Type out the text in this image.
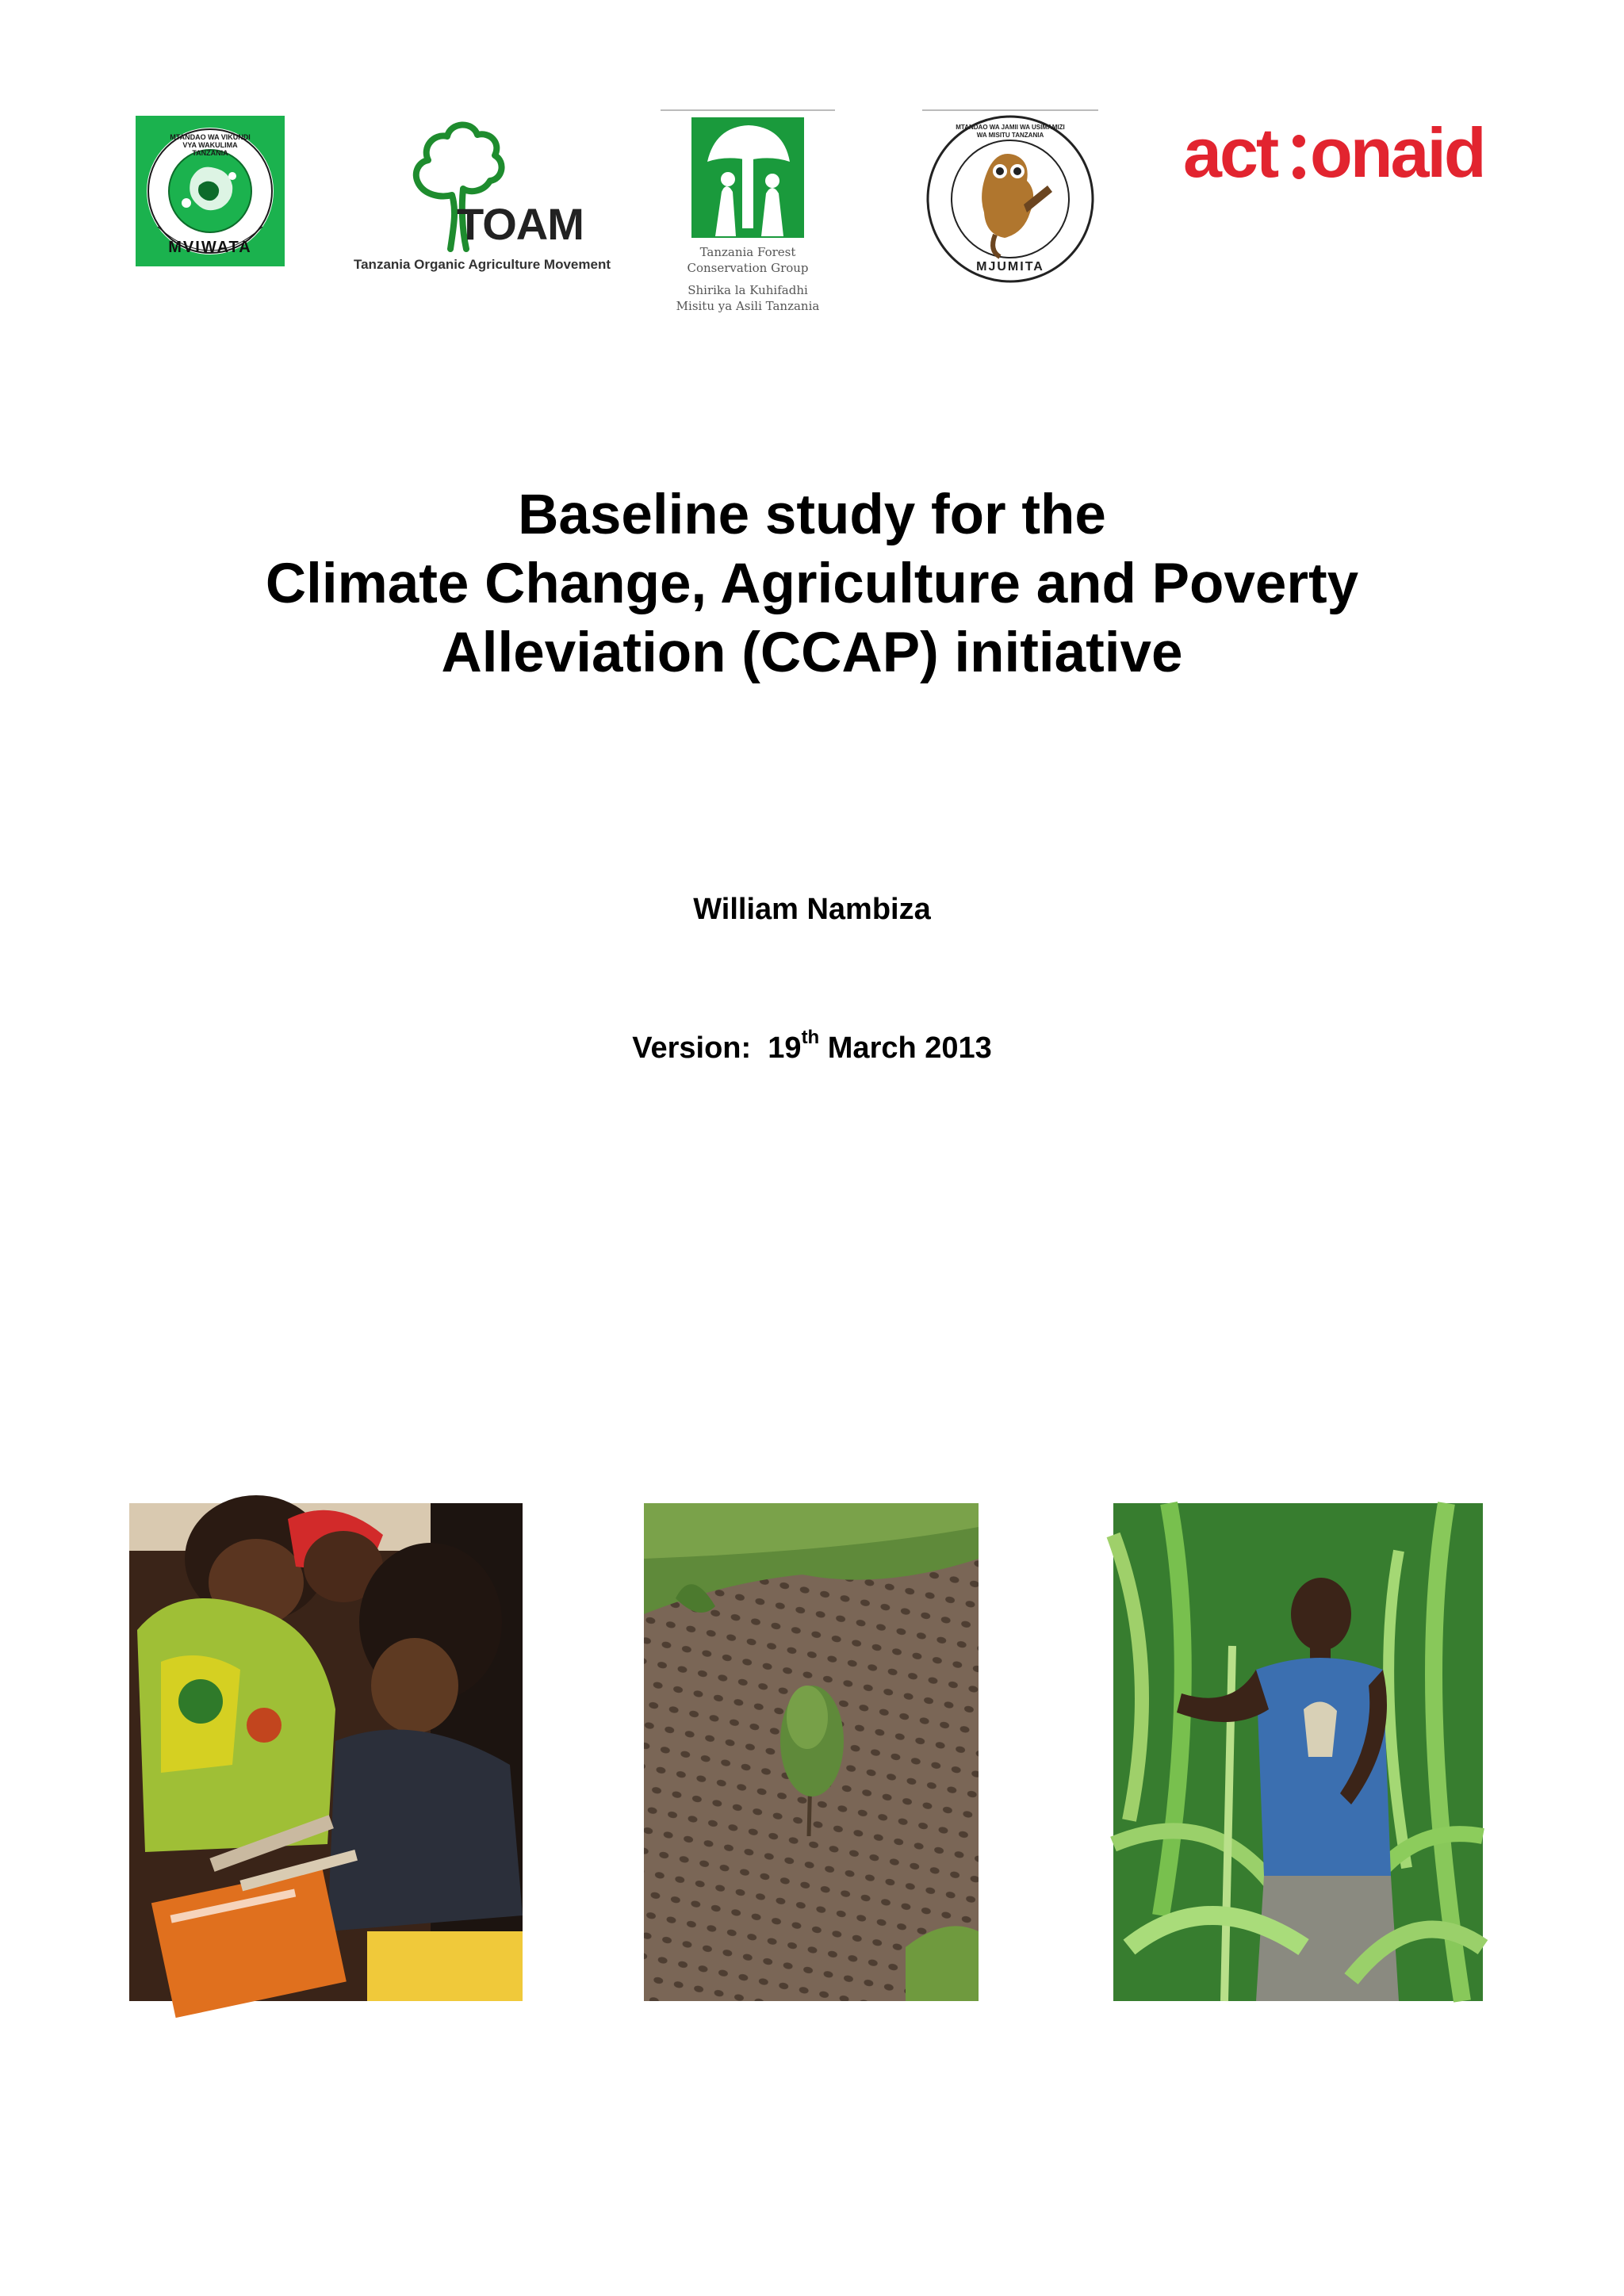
MTANDAO WA VIKUNDI VYA WAKULIMA TANZANIA
MVIWATA	TOAM
Tanzania Organic Agriculture Movement
Tanzania Forest
Conservation Group
Shirika la Kuhifadhi
Misitu ya Asili Tanzania
MTANDAO WA JAMII WA USIMAMIZI WA MISITU TANZANIA
MJUMITA
act onaid
Baseline study for the
Climate Change, Agriculture and Poverty
Alleviation (CCAP) initiative
William Nambiza
Version: 19th March 2013
